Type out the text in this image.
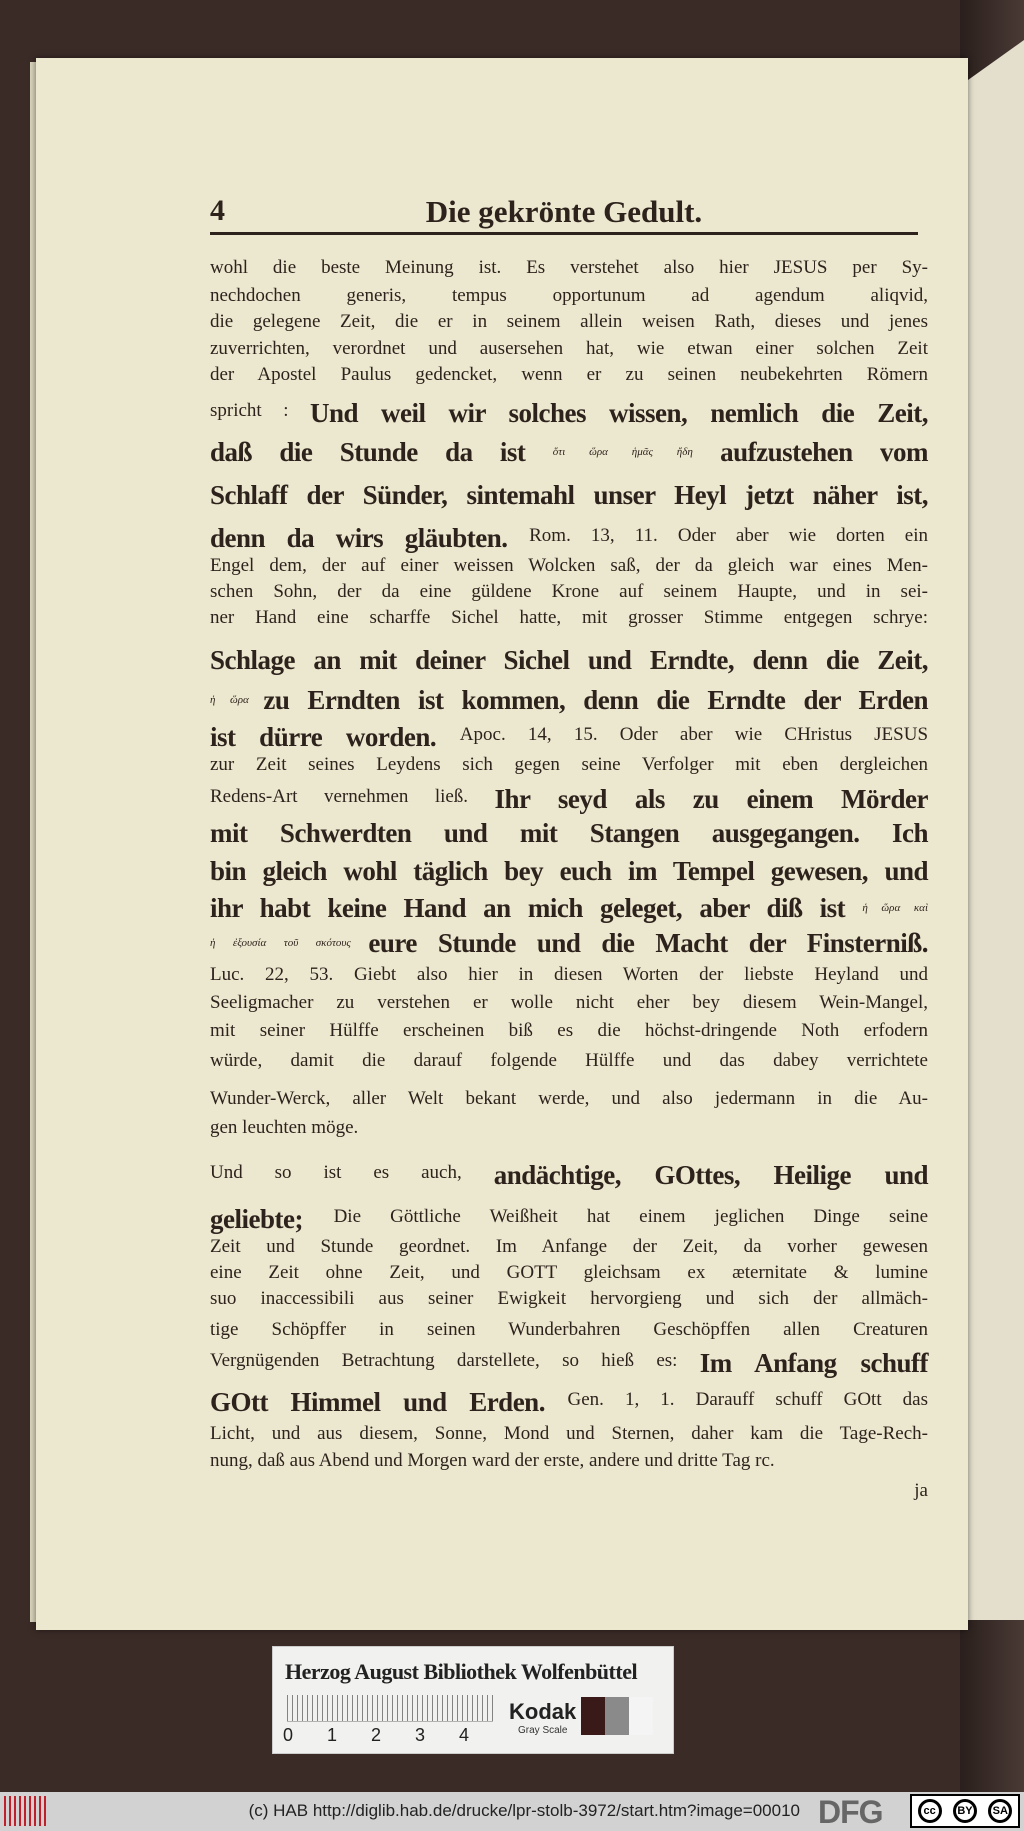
4	Die gekrönte Gedult.
wohl die beste Meinung ist. Es verstehet also hier JESUS per Sy-
nechdochen generis, tempus opportunum ad agendum aliqvid,
die gelegene Zeit, die er in seinem allein weisen Rath, dieses und jenes
zuverrichten, verordnet und ausersehen hat, wie etwan einer solchen Zeit
der Apostel Paulus gedencket, wenn er zu seinen neubekehrten Römern
spricht : Und weil wir solches wissen, nemlich die Zeit,
daß die Stunde da ist ὅτι ὥρα ἡμᾶς ἤδη aufzustehen vom
Schlaff der Sünder, sintemahl unser Heyl jetzt näher ist,
denn da wirs gläubten. Rom. 13, 11. Oder aber wie dorten ein
Engel dem, der auf einer weissen Wolcken saß, der da gleich war eines Men-
schen Sohn, der da eine güldene Krone auf seinem Haupte, und in sei-
ner Hand eine scharffe Sichel hatte, mit grosser Stimme entgegen schrye:
Schlage an mit deiner Sichel und Erndte, denn die Zeit,
ἡ ὥρα zu Erndten ist kommen, denn die Erndte der Erden
ist dürre worden. Apoc. 14, 15. Oder aber wie CHristus JESUS
zur Zeit seines Leydens sich gegen seine Verfolger mit eben dergleichen
Redens-Art vernehmen ließ. Ihr seyd als zu einem Mörder
mit Schwerdten und mit Stangen ausgegangen. Ich
bin gleich wohl täglich bey euch im Tempel gewesen, und
ihr habt keine Hand an mich geleget, aber diß ist ἡ ὥρα καὶ
ἡ ἐξουσία τοῦ σκότους eure Stunde und die Macht der Finsterniß.
Luc. 22, 53. Giebt also hier in diesen Worten der liebste Heyland und
Seeligmacher zu verstehen er wolle nicht eher bey diesem Wein-Mangel,
mit seiner Hülffe erscheinen biß es die höchst-dringende Noth erfodern
würde, damit die darauf folgende Hülffe und das dabey verrichtete
Wunder-Werck, aller Welt bekant werde, und also jedermann in die Au-
gen leuchten möge.
Und so ist es auch, andächtige, GOttes, Heilige und
geliebte; Die Göttliche Weißheit hat einem jeglichen Dinge seine
Zeit und Stunde geordnet. Im Anfange der Zeit, da vorher gewesen
eine Zeit ohne Zeit, und GOTT gleichsam ex æternitate & lumine
suo inaccessibili aus seiner Ewigkeit hervorgieng und sich der allmäch-
tige Schöpffer in seinen Wunderbahren Geschöpffen allen Creaturen
Vergnügenden Betrachtung darstellete, so hieß es: Im Anfang schuff
GOtt Himmel und Erden. Gen. 1, 1. Darauff schuff GOtt das
Licht, und aus diesem, Sonne, Mond und Sternen, daher kam die Tage-Rech-
nung, daß aus Abend und Morgen ward der erste, andere und dritte Tag rc.
ja
Herzog August Bibliothek Wolfenbüttel
0	1	2	3	4
Kodak
Gray Scale
(c) HAB http://diglib.hab.de/drucke/lpr-stolb-3972/start.htm?image=00010 DFG	cc	BY	SA
